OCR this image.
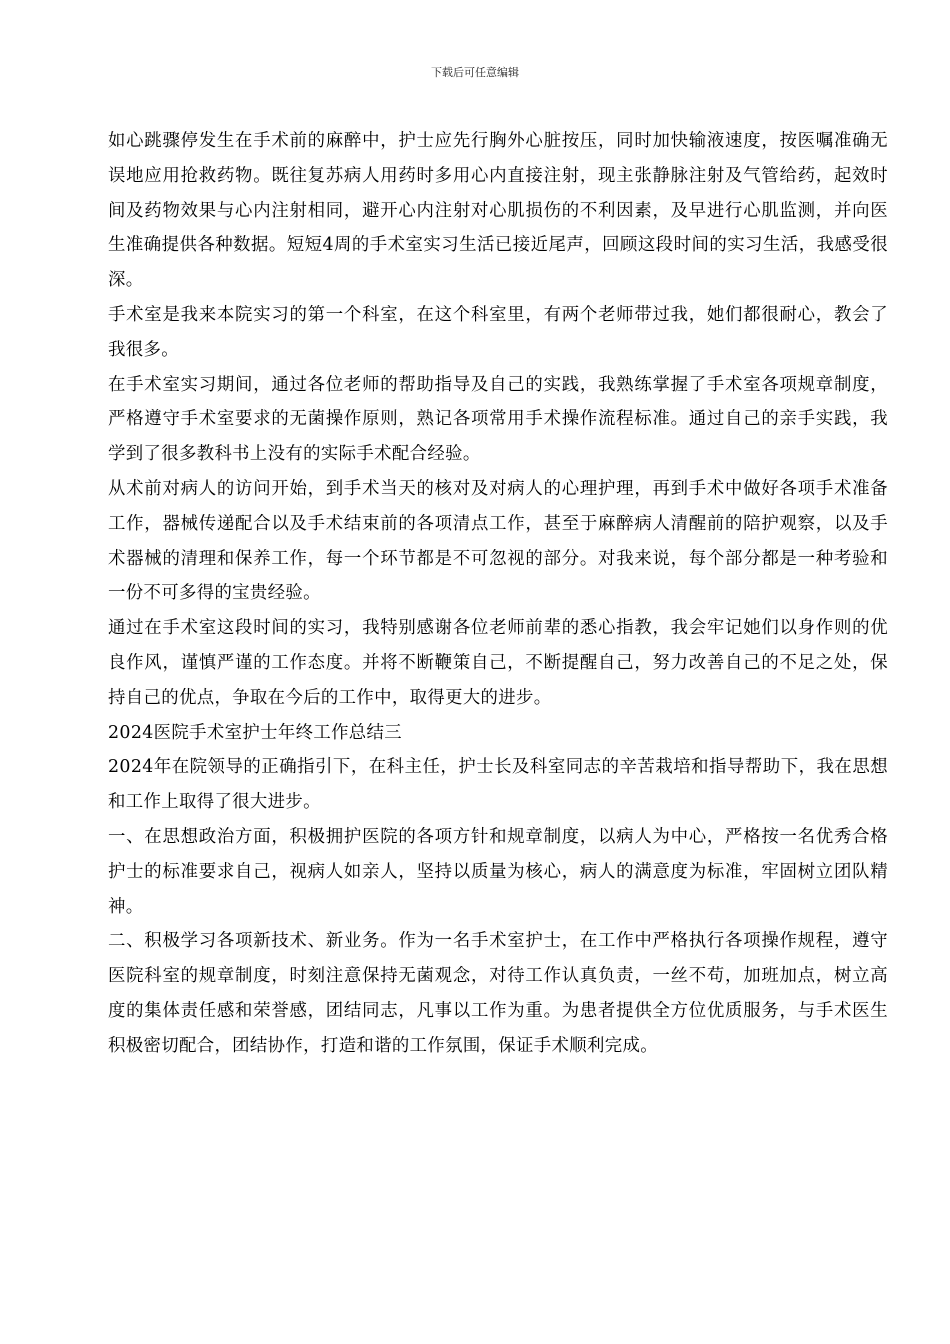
下载后可任意编辑

如心跳骤停发生在手术前的麻醉中，护士应先行胸外心脏按压，同时加快输液速度，按医嘱准确无误地应用抢救药物。既往复苏病人用药时多用心内直接注射，现主张静脉注射及气管给药，起效时间及药物效果与心内注射相同，避开心内注射对心肌损伤的不利因素，及早进行心肌监测，并向医生准确提供各种数据。短短4周的手术室实习生活已接近尾声，回顾这段时间的实习生活，我感受很深。

手术室是我来本院实习的第一个科室，在这个科室里，有两个老师带过我，她们都很耐心，教会了我很多。

在手术室实习期间，通过各位老师的帮助指导及自己的实践，我熟练掌握了手术室各项规章制度，严格遵守手术室要求的无菌操作原则，熟记各项常用手术操作流程标准。通过自己的亲手实践，我学到了很多教科书上没有的实际手术配合经验。

从术前对病人的访问开始，到手术当天的核对及对病人的心理护理，再到手术中做好各项手术准备工作，器械传递配合以及手术结束前的各项清点工作，甚至于麻醉病人清醒前的陪护观察，以及手术器械的清理和保养工作，每一个环节都是不可忽视的部分。对我来说，每个部分都是一种考验和一份不可多得的宝贵经验。

通过在手术室这段时间的实习，我特别感谢各位老师前辈的悉心指教，我会牢记她们以身作则的优良作风，谨慎严谨的工作态度。并将不断鞭策自己，不断提醒自己，努力改善自己的不足之处，保持自己的优点，争取在今后的工作中，取得更大的进步。

2024医院手术室护士年终工作总结三

2024年在院领导的正确指引下，在科主任，护士长及科室同志的辛苦栽培和指导帮助下，我在思想和工作上取得了很大进步。

一、在思想政治方面，积极拥护医院的各项方针和规章制度，以病人为中心，严格按一名优秀合格护士的标准要求自己，视病人如亲人，坚持以质量为核心，病人的满意度为标准，牢固树立团队精神。

二、积极学习各项新技术、新业务。作为一名手术室护士，在工作中严格执行各项操作规程，遵守医院科室的规章制度，时刻注意保持无菌观念，对待工作认真负责，一丝不苟，加班加点，树立高度的集体责任感和荣誉感，团结同志，凡事以工作为重。为患者提供全方位优质服务，与手术医生积极密切配合，团结协作，打造和谐的工作氛围，保证手术顺利完成。
